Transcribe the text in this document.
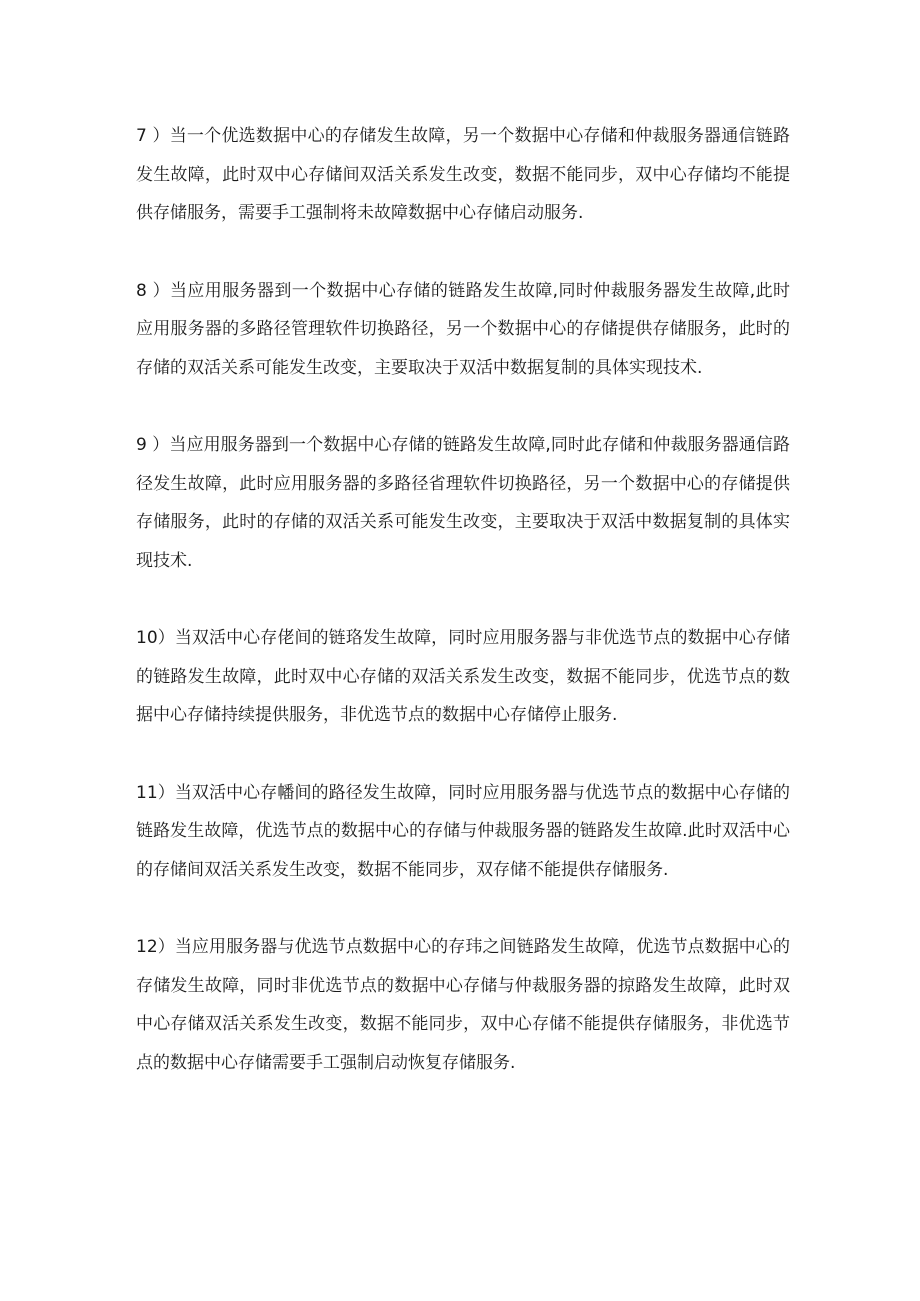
7 ）当一个优选数据中心的存储发生故障，另一个数据中心存储和仲裁服务器通信链路发生故障，此时双中心存储间双活关系发生改变，数据不能同步，双中心存储均不能提供存储服务，需要手工强制将未故障数据中心存储启动服务.

8 ）当应用服务器到一个数据中心存储的链路发生故障,同时仲裁服务器发生故障,此时应用服务器的多路径管理软件切换路径，另一个数据中心的存储提供存储服务，此时的存储的双活关系可能发生改变，主要取决于双活中数据复制的具体实现技术.

9 ）当应用服务器到一个数据中心存储的链路发生故障,同时此存储和仲裁服务器通信路径发生故障，此时应用服务器的多路径省理软件切换路径，另一个数据中心的存储提供存储服务，此时的存储的双活关系可能发生改变，主要取决于双活中数据复制的具体实现技术.

10）当双活中心存佬间的链珞发生故障，同时应用服务器与非优选节点的数据中心存储的链路发生故障，此时双中心存储的双活关系发生改变，数据不能同步，优选节点的数据中心存储持续提供服务，非优选节点的数据中心存储停止服务.

11）当双活中心存幡间的路径发生故障，同时应用服务器与优选节点的数据中心存储的链路发生故障，优选节点的数据中心的存储与仲裁服务器的链路发生故障.此时双活中心的存储间双活关系发生改变，数据不能同步，双存储不能提供存储服务.

12）当应用服务器与优选节点数据中心的存玮之间链路发生故障，优选节点数据中心的存储发生故障，同时非优选节点的数据中心存储与仲裁服务器的掠路发生故障，此时双中心存储双活关系发生改变，数据不能同步，双中心存储不能提供存储服务，非优选节点的数据中心存储需要手工强制启动恢复存储服务.
